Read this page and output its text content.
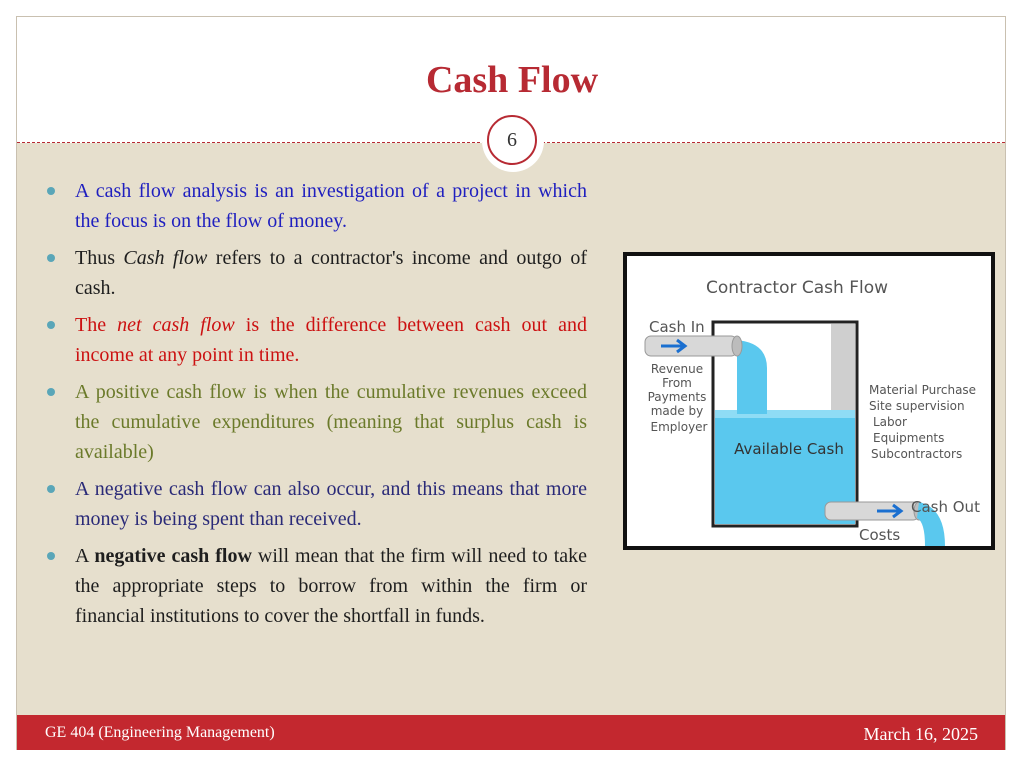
Cash Flow
6
A cash flow analysis is an investigation of a project in which the focus is on the flow of money.
Thus Cash flow refers to a contractor's income and outgo of cash.
The net cash flow is the difference between cash out and income at any point in time.
A positive cash flow is when the cumulative revenues exceed the cumulative expenditures (meaning that surplus cash is available)
A negative cash flow can also occur, and this means that more money is being spent than received.
A negative cash flow will mean that the firm will need to take the appropriate steps to borrow from within the firm or financial institutions to cover the shortfall in funds.
Contractor Cash Flow
Cash In
Revenue
From
Payments
made by
Employer
Available Cash
Material Purchase
Site supervision
Labor
Equipments
Subcontractors
Cash Out
Costs
GE 404 (Engineering Management)	March 16, 2025
